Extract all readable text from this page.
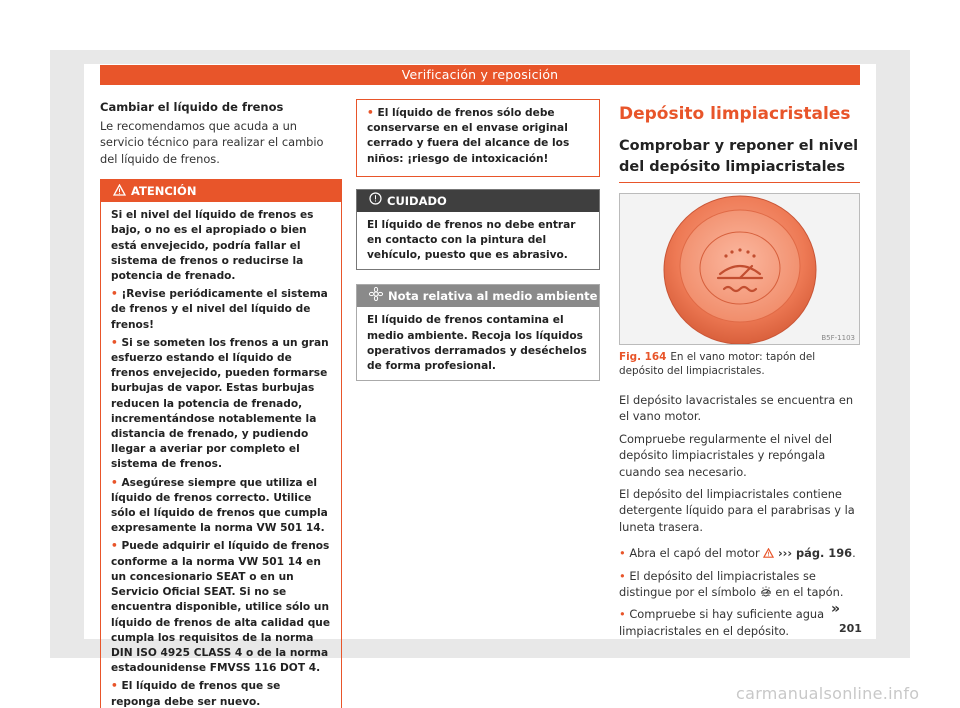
Verificación y reposición
Cambiar el líquido de frenos
Le recomendamos que acuda a un servicio técnico para realizar el cambio del líquido de frenos.
ATENCIÓN

Si el nivel del líquido de frenos es bajo, o no es el apropiado o bien está envejecido, podría fallar el sistema de frenos o reducirse la potencia de frenado.

• ¡Revise periódicamente el sistema de frenos y el nivel del líquido de frenos!

• Si se someten los frenos a un gran esfuerzo estando el líquido de frenos envejecido, pueden formarse burbujas de vapor. Estas burbujas reducen la potencia de frenado, incrementándose notablemente la distancia de frenado, y pudiendo llegar a averiar por completo el sistema de frenos.

• Asegúrese siempre que utiliza el líquido de frenos correcto. Utilice sólo el líquido de frenos que cumpla expresamente la norma VW 501 14.

• Puede adquirir el líquido de frenos conforme a la norma VW 501 14 en un concesionario SEAT o en un Servicio Oficial SEAT. Si no se encuentra disponible, utilice sólo un líquido de frenos de alta calidad que cumpla los requisitos de la norma DIN ISO 4925 CLASS 4 o de la norma estadounidense FMVSS 116 DOT 4.

• El líquido de frenos que se reponga debe ser nuevo.

• El líquido de frenos sólo debe conservarse en el envase original cerrado y fuera del alcance de los niños: ¡riesgo de intoxicación!

CUIDADO
El líquido de frenos no debe entrar en contacto con la pintura del vehículo, puesto que es abrasivo.
Nota relativa al medio ambiente
El líquido de frenos contamina el medio ambiente. Recoja los líquidos operativos derramados y deséchelos de forma profesional.
Depósito limpiacristales
Comprobar y reponer el nivel del depósito limpiacristales
B5F-1103
Fig. 164 En el vano motor: tapón del depósito del limpiacristales.
El depósito lavacristales se encuentra en el vano motor.
Compruebe regularmente el nivel del depósito limpiacristales y repóngala cuando sea necesario.
El depósito del limpiacristales contiene detergente líquido para el parabrisas y la luneta trasera.
• Abra el capó del motor ››› pág. 196.
• El depósito del limpiacristales se distingue por el símbolo en el tapón.
• Compruebe si hay suficiente agua limpiacristales en el depósito.
»
201
carmanualsonline.info
